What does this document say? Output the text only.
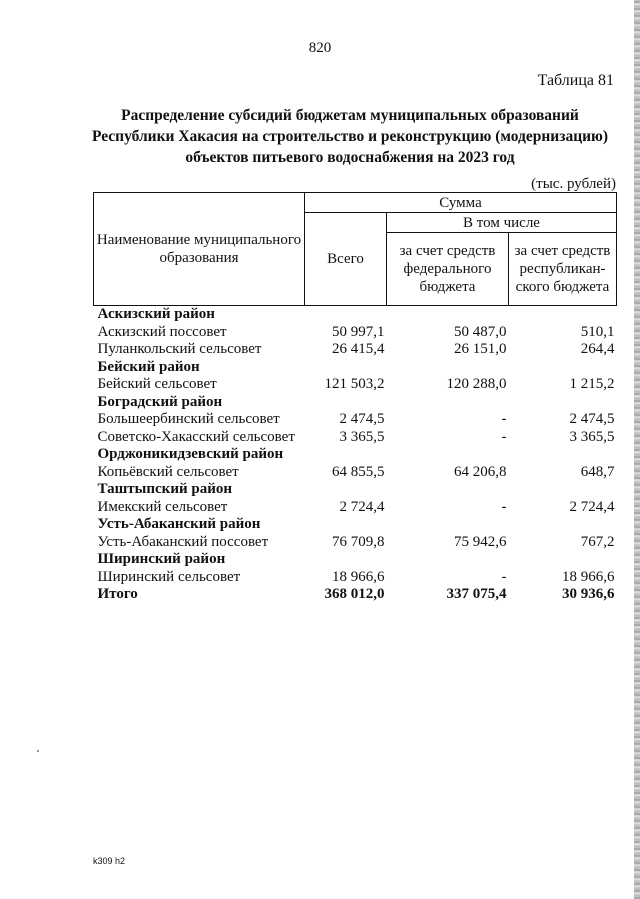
820
Таблица 81
Распределение субсидий бюджетам муниципальных образований
Республики Хакасия на строительство и реконструкцию (модернизацию)
объектов питьевого водоснабжения на 2023 год
(тыс. рублей)
Наименование муниципального образования	Сумма		
	Всего	В том числе	
		за счет средств федерального бюджета	за счет средств республикан-ского бюджета
Аскизский район			
Аскизский поссовет	50 997,1	50 487,0	510,1
Пуланкольский сельсовет	26 415,4	26 151,0	264,4
Бейский район			
Бейский сельсовет	121 503,2	120 288,0	1 215,2
Боградский район			
Большеербинский сельсовет	2 474,5	-	2 474,5
Советско-Хакасский сельсовет	3 365,5	-	3 365,5
Орджоникидзевский район			
Копьёвский сельсовет	64 855,5	64 206,8	648,7
Таштыпский район			
Имекский сельсовет	2 724,4	-	2 724,4
Усть-Абаканский район			
Усть-Абаканский поссовет	76 709,8	75 942,6	767,2
Ширинский район			
Ширинский сельсовет	18 966,6	-	18 966,6
Итого	368 012,0	337 075,4	30 936,6
k309 h2
